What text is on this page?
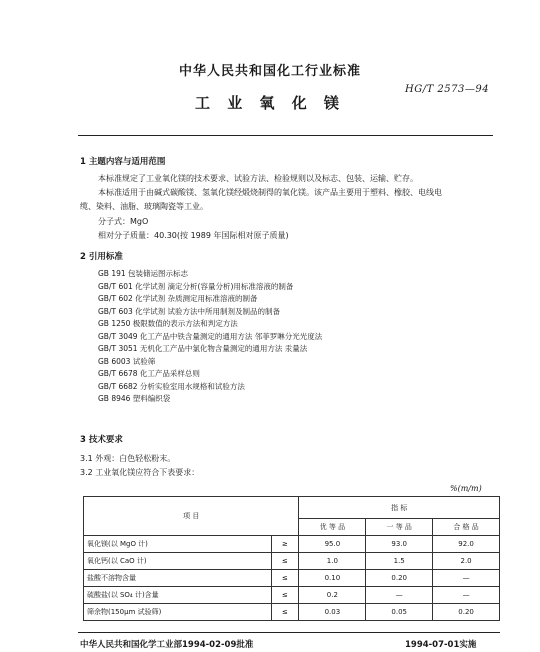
中华人民共和国化工行业标准
HG/T 2573—94
工 业 氧 化 镁
1 主题内容与适用范围
本标准规定了工业氧化镁的技术要求、试验方法、检验规则以及标志、包装、运输、贮存。
本标准适用于由碱式碳酸镁、氢氧化镁经煅烧制得的氧化镁。该产品主要用于塑料、橡胶、电线电
缆、染料、油脂、玻璃陶瓷等工业。
分子式：MgO
相对分子质量：40.30(按 1989 年国际相对原子质量)
2 引用标准
GB 191 包装储运图示标志
GB/T 601 化学试剂 滴定分析(容量分析)用标准溶液的制备
GB/T 602 化学试剂 杂质测定用标准溶液的制备
GB/T 603 化学试剂 试验方法中所用制剂及制品的制备
GB 1250 极限数值的表示方法和判定方法
GB/T 3049 化工产品中铁含量测定的通用方法 邻菲罗啉分光光度法
GB/T 3051 无机化工产品中氯化物含量测定的通用方法 汞量法
GB 6003 试验筛
GB/T 6678 化工产品采样总则
GB/T 6682 分析实验室用水规格和试验方法
GB 8946 塑料编织袋
3 技术要求
3.1 外观：白色轻松粉末。
3.2 工业氧化镁应符合下表要求：
%(m/m)
项 目		指 标		
		优 等 品	一 等 品	合 格 品
氧化镁(以 MgO 计)	≥	95.0	93.0	92.0
氧化钙(以 CaO 计)	≤	1.0	1.5	2.0
盐酸不溶物含量	≤	0.10	0.20	—
硫酸盐(以 SO₄ 计)含量	≤	0.2	—	—
筛余物(150μm 试验筛)	≤	0.03	0.05	0.20
中华人民共和国化学工业部1994-02-09批准	1994-07-01实施
